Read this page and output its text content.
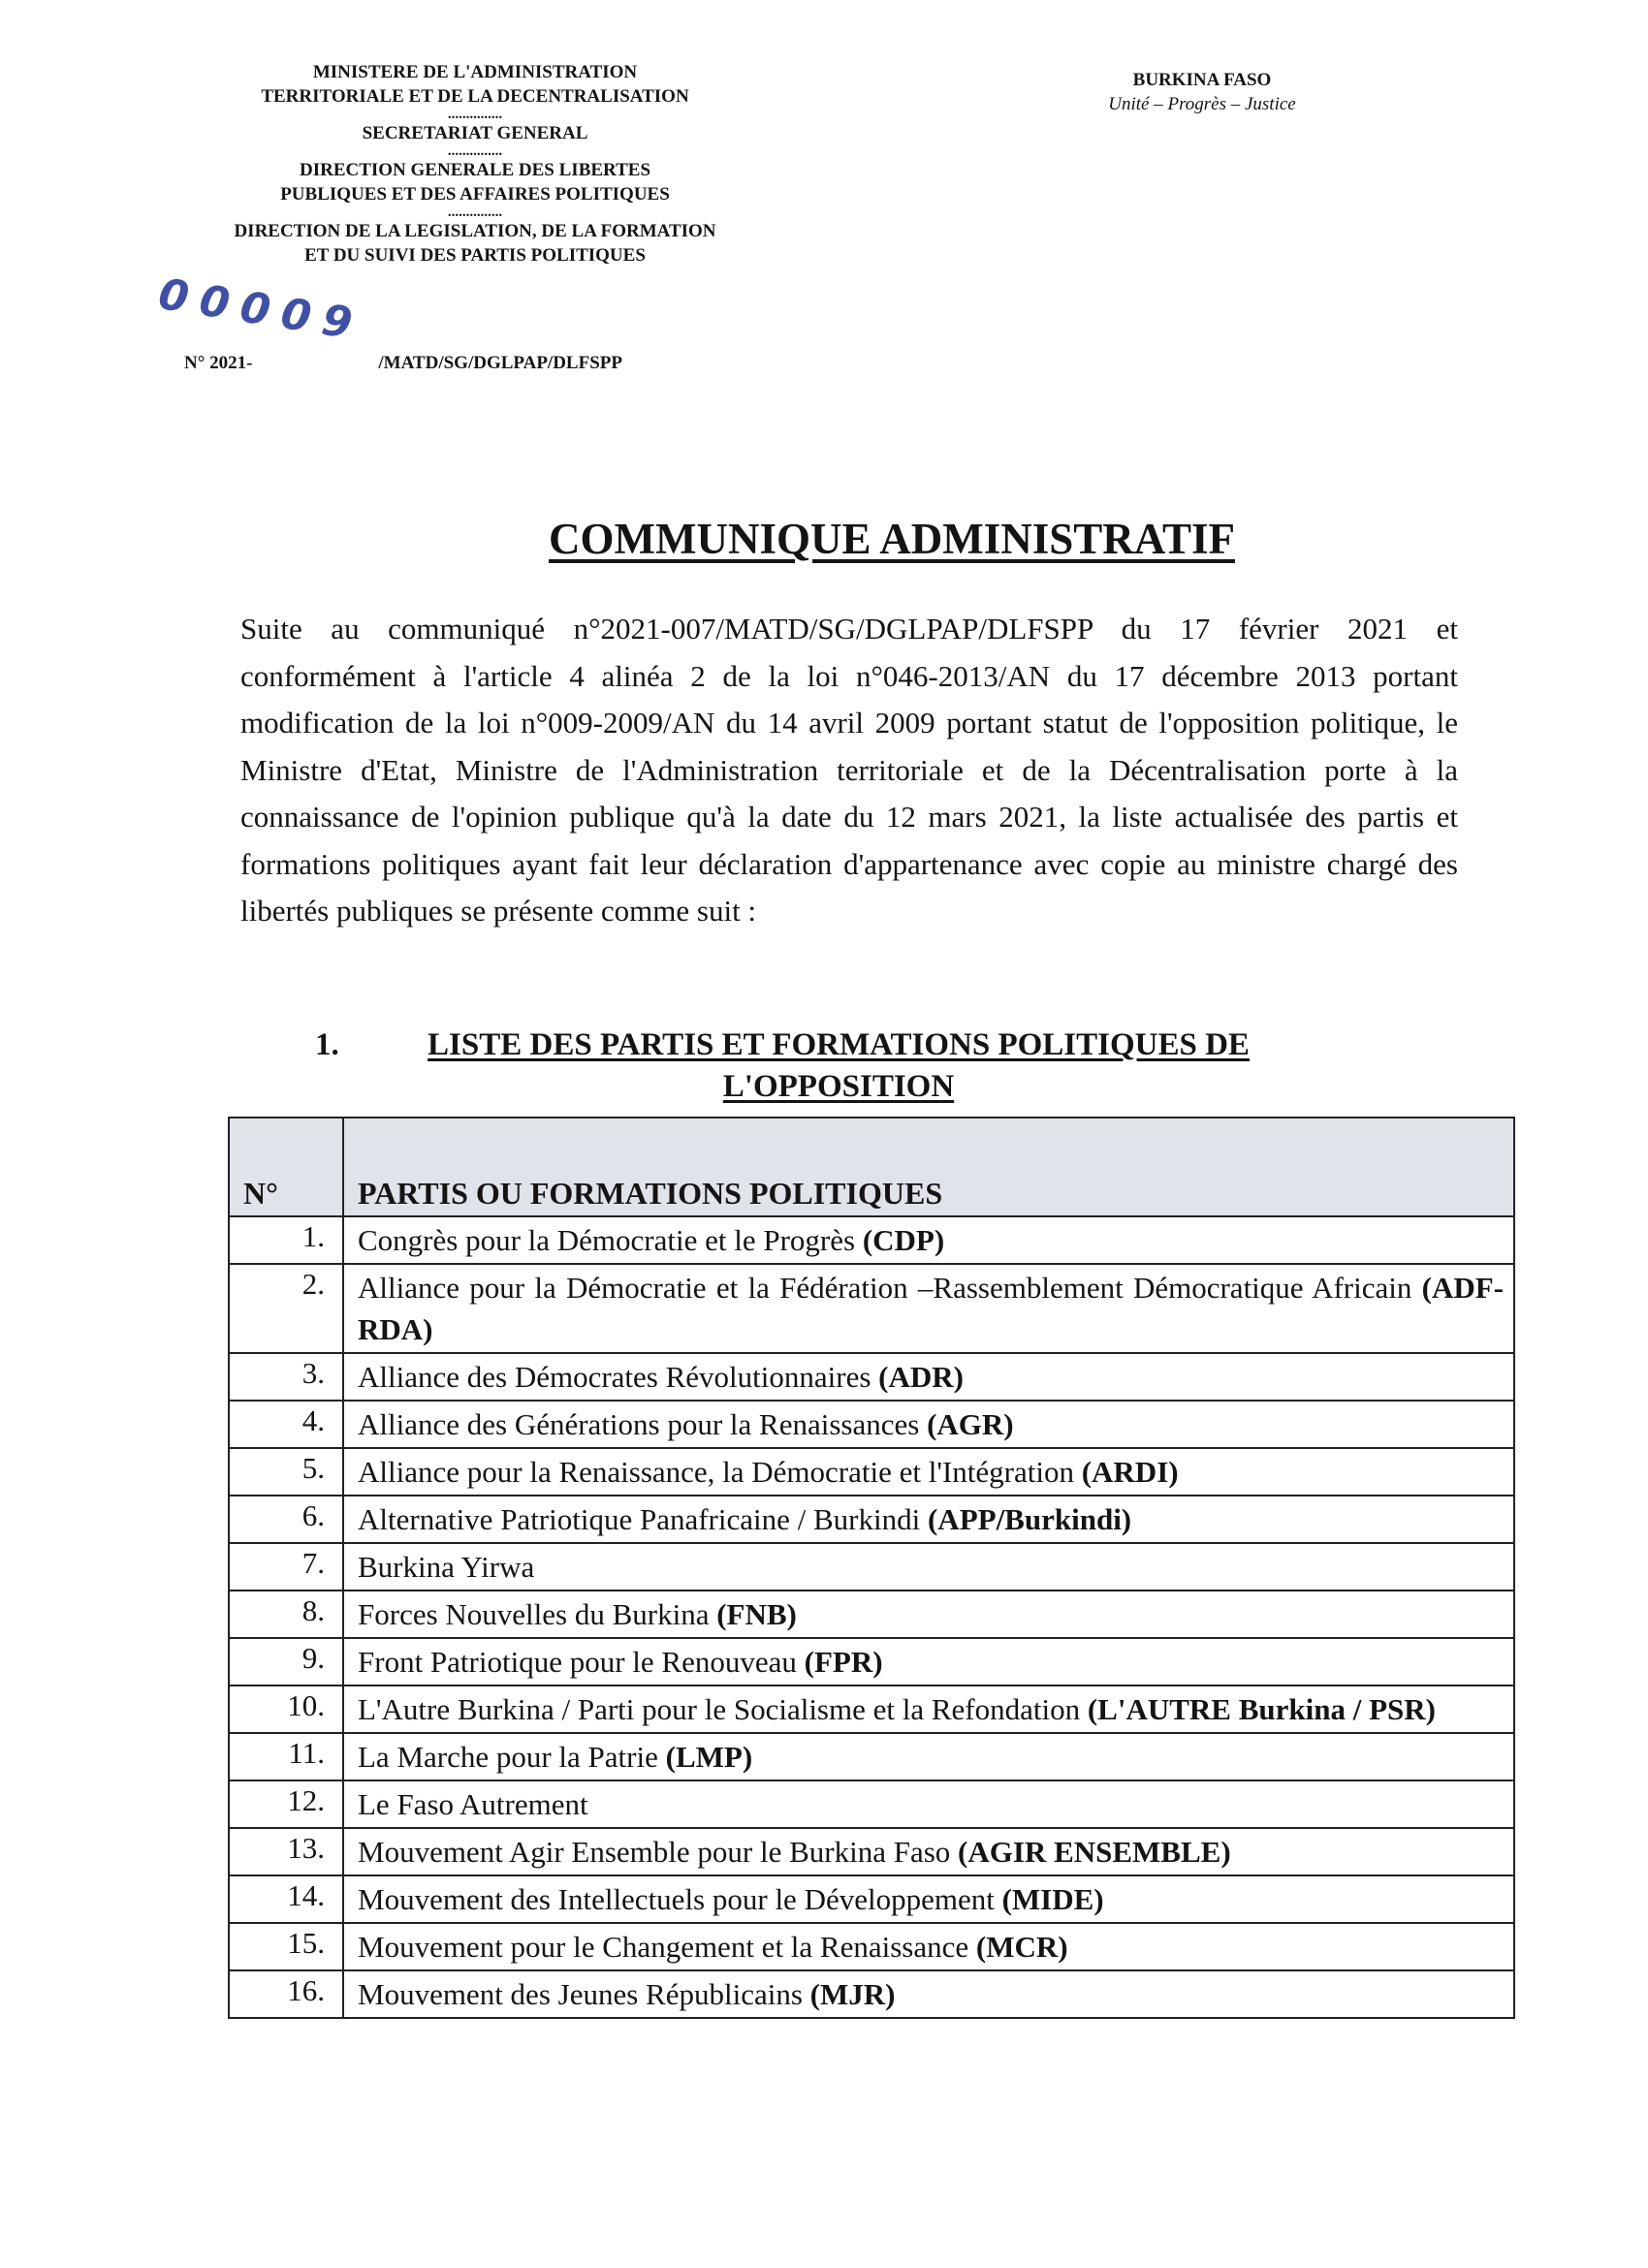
MINISTERE DE L'ADMINISTRATION
TERRITORIALE ET DE LA DECENTRALISATION
...............
SECRETARIAT GENERAL
...............
DIRECTION GENERALE DES LIBERTES
PUBLIQUES ET DES AFFAIRES POLITIQUES
...............
DIRECTION DE LA LEGISLATION, DE LA FORMATION
ET DU SUIVI DES PARTIS POLITIQUES
00009
N° 2021-	/MATD/SG/DGLPAP/DLFSPP
BURKINA FASO
Unité – Progrès – Justice
COMMUNIQUE ADMINISTRATIF
Suite au communiqué n°2021-007/MATD/SG/DGLPAP/DLFSPP du 17 février 2021 et conformément à l'article 4 alinéa 2 de la loi n°046-2013/AN du 17 décembre 2013 portant modification de la loi n°009-2009/AN du 14 avril 2009 portant statut de l'opposition politique, le Ministre d'Etat, Ministre de l'Administration territoriale et de la Décentralisation porte à la connaissance de l'opinion publique qu'à la date du 12 mars 2021, la liste actualisée des partis et formations politiques ayant fait leur déclaration d'appartenance avec copie au ministre chargé des libertés publiques se présente comme suit :
1.	LISTE DES PARTIS ET FORMATIONS POLITIQUES DE L'OPPOSITION
N°	PARTIS OU FORMATIONS POLITIQUES
1.	Congrès pour la Démocratie et le Progrès (CDP)
2.	Alliance pour la Démocratie et la Fédération –Rassemblement Démocratique Africain (ADF-RDA)
3.	Alliance des Démocrates Révolutionnaires (ADR)
4.	Alliance des Générations pour la Renaissances (AGR)
5.	Alliance pour la Renaissance, la Démocratie et l'Intégration (ARDI)
6.	Alternative Patriotique Panafricaine / Burkindi (APP/Burkindi)
7.	Burkina Yirwa
8.	Forces Nouvelles du Burkina (FNB)
9.	Front Patriotique pour le Renouveau (FPR)
10.	L'Autre Burkina / Parti pour le Socialisme et la Refondation (L'AUTRE Burkina / PSR)
11.	La Marche pour la Patrie (LMP)
12.	Le Faso Autrement
13.	Mouvement Agir Ensemble pour le Burkina Faso (AGIR ENSEMBLE)
14.	Mouvement des Intellectuels pour le Développement (MIDE)
15.	Mouvement pour le Changement et la Renaissance (MCR)
16.	Mouvement des Jeunes Républicains (MJR)
